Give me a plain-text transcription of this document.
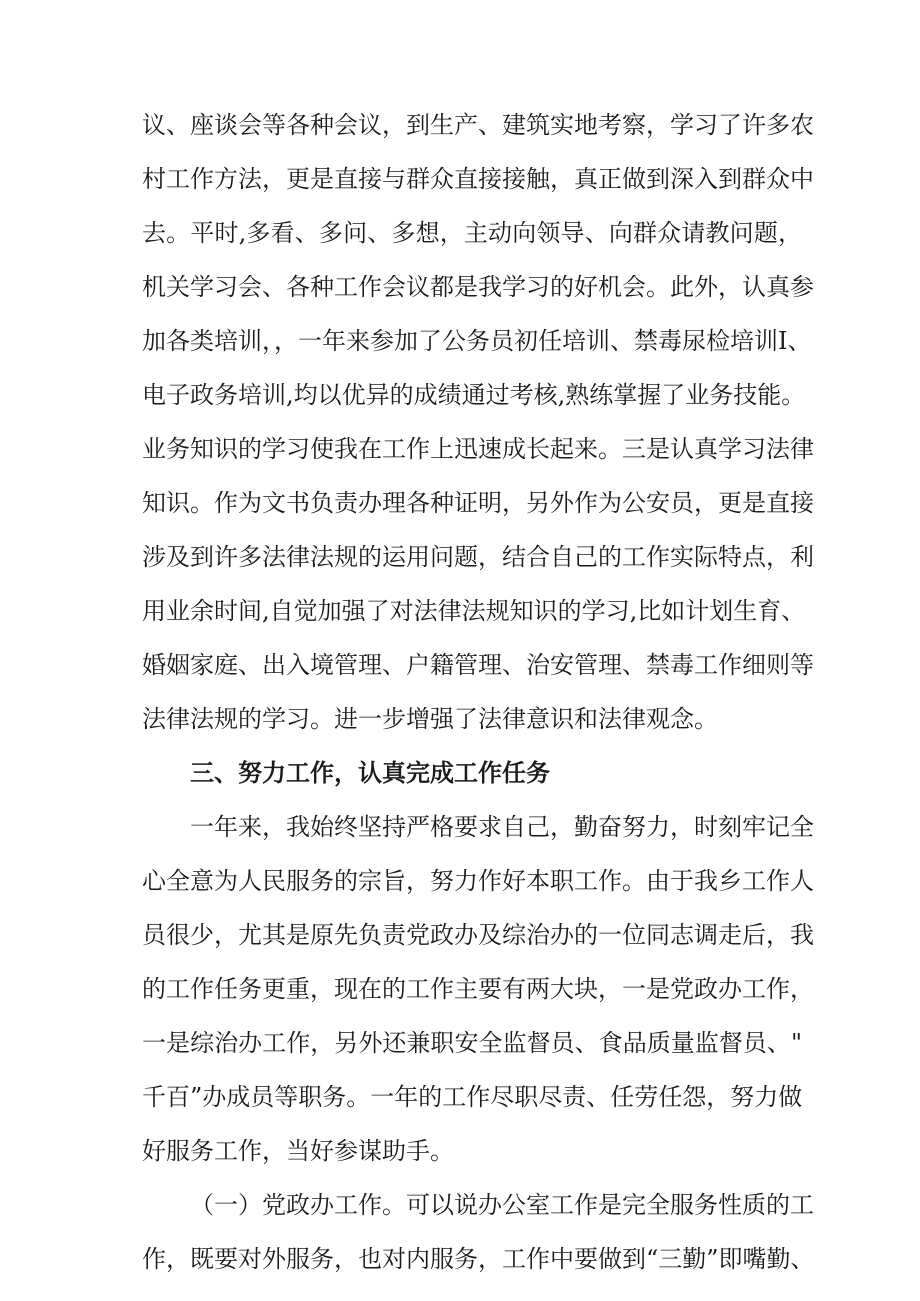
议、座谈会等各种会议，到生产、建筑实地考察，学习了许多农
村工作方法，更是直接与群众直接接触，真正做到深入到群众中
去。平时,多看、多问、多想，主动向领导、向群众请教问题，
机关学习会、各种工作会议都是我学习的好机会。此外，认真参
加各类培训，，一年来参加了公务员初任培训、禁毒尿检培训I、
电子政务培训,均以优异的成绩通过考核,熟练掌握了业务技能。
业务知识的学习使我在工作上迅速成长起来。三是认真学习法律
知识。作为文书负责办理各种证明，另外作为公安员，更是直接
涉及到许多法律法规的运用问题，结合自己的工作实际特点，利
用业余时间,自觉加强了对法律法规知识的学习,比如计划生育、
婚姻家庭、出入境管理、户籍管理、治安管理、禁毒工作细则等
法律法规的学习。进一步增强了法律意识和法律观念。
三、努力工作，认真完成工作任务
一年来，我始终坚持严格要求自己，勤奋努力，时刻牢记全
心全意为人民服务的宗旨，努力作好本职工作。由于我乡工作人
员很少，尤其是原先负责党政办及综治办的一位同志调走后，我
的工作任务更重，现在的工作主要有两大块，一是党政办工作，
一是综治办工作，另外还兼职安全监督员、食品质量监督员、"
千百”办成员等职务。一年的工作尽职尽责、任劳任怨，努力做
好服务工作，当好参谋助手。
（一）党政办工作。可以说办公室工作是完全服务性质的工
作，既要对外服务，也对内服务，工作中要做到“三勤”即嘴勤、
